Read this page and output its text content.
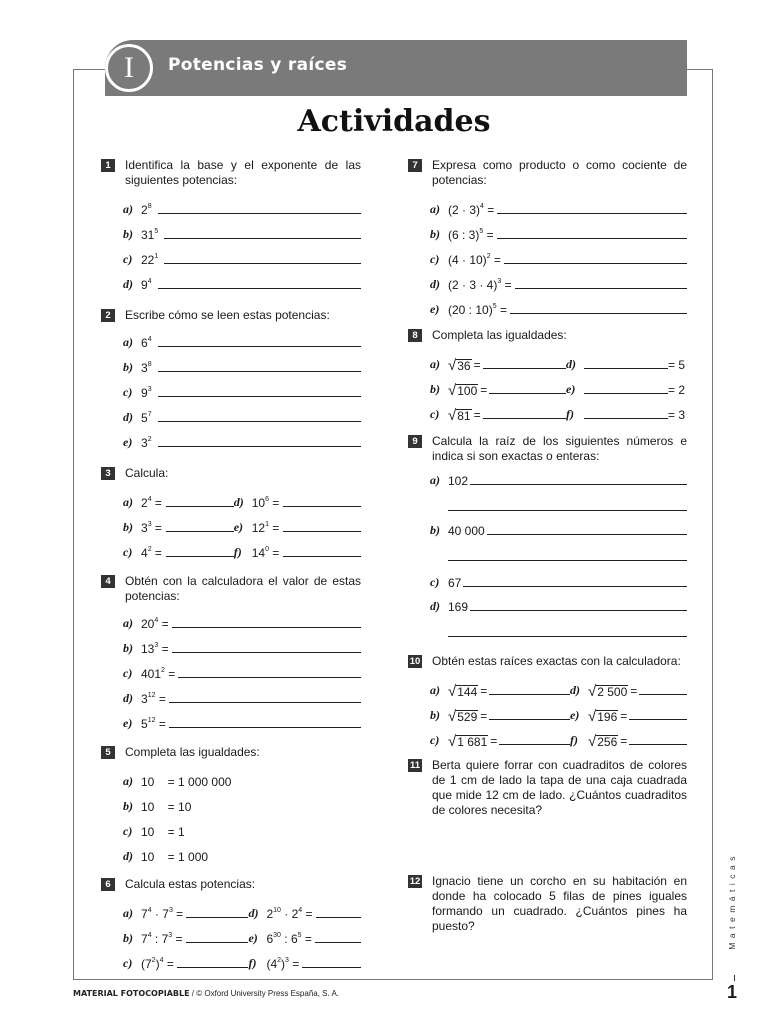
I	Potencias y raíces
Actividades
1	Identifica la base y el exponente de las siguientes potencias:
a) $2^8$
b) $31^5$
c) $22^1$
d) $9^4$
2	Escribe cómo se leen estas potencias:
a) $6^4$
b) $3^8$
c) $9^3$
d) $5^7$
e) $3^2$
3	Calcula:
a) $2^4$ =
b) $3^3$ =
c) $4^2$ =
d) $10^6$ =
e) $12^1$ =
f) $14^0$ =
4	Obtén con la calculadora el valor de estas potencias:
a) $20^4$ =
b) $13^3$ =
c) $401^2$ =
d) $3^{12}$ =
e) $5^{12}$ =
5	Completa las igualdades:
a) 10    = 1 000 000
b) 10    = 10
c) 10    = 1
d) 10    = 1 000
6	Calcula estas potencias:
a) $7^4 \cdot 7^3$ =
b) $7^4$ : $7^3$ =
c) $(7^2)^4$ =
d) $2^{10} \cdot 2^4$ =
e) $6^{30}$ : $6^5$ =
f) $(4^2)^3$ =
7	Expresa como producto o como cociente de potencias:
a) $(2 \cdot 3)^4$ =
b) (6 : 3)$^5$ =
c) $(4 \cdot 10)^2$ =
d) $(2 \cdot 3 \cdot 4)^3$ =
e) (20 : 10)$^5$ =
8	Completa las igualdades:
a) √ 36 =
b) √ 100 =
c) √ 81 =
d)	= 5
e)	= 2
f)	= 3
9	Calcula la raíz de los siguientes números e indica si son exactas o enteras:
a) 102
b) 40 000
c) 67
d) 169
10 Obtén estas raíces exactas con la calculadora:
a) √ 144 =
b) √ 529 =
c) √ 1 681 =
d) √ 2 500 =
e) √ 196 =
f) √ 256 =
11 Berta quiere forrar con cuadraditos de colores de 1 cm de lado la tapa de una caja cuadrada que mide 12 cm de lado. ¿Cuántos cuadraditos de colores necesita?
12 Ignacio tiene un corcho en su habitación en donde ha colocado 5 filas de pines iguales formando un cuadrado. ¿Cuántos pines ha puesto?
MATERIAL FOTOCOPIABLE / © Oxford University Press España, S. A.
Matemáticas
1
